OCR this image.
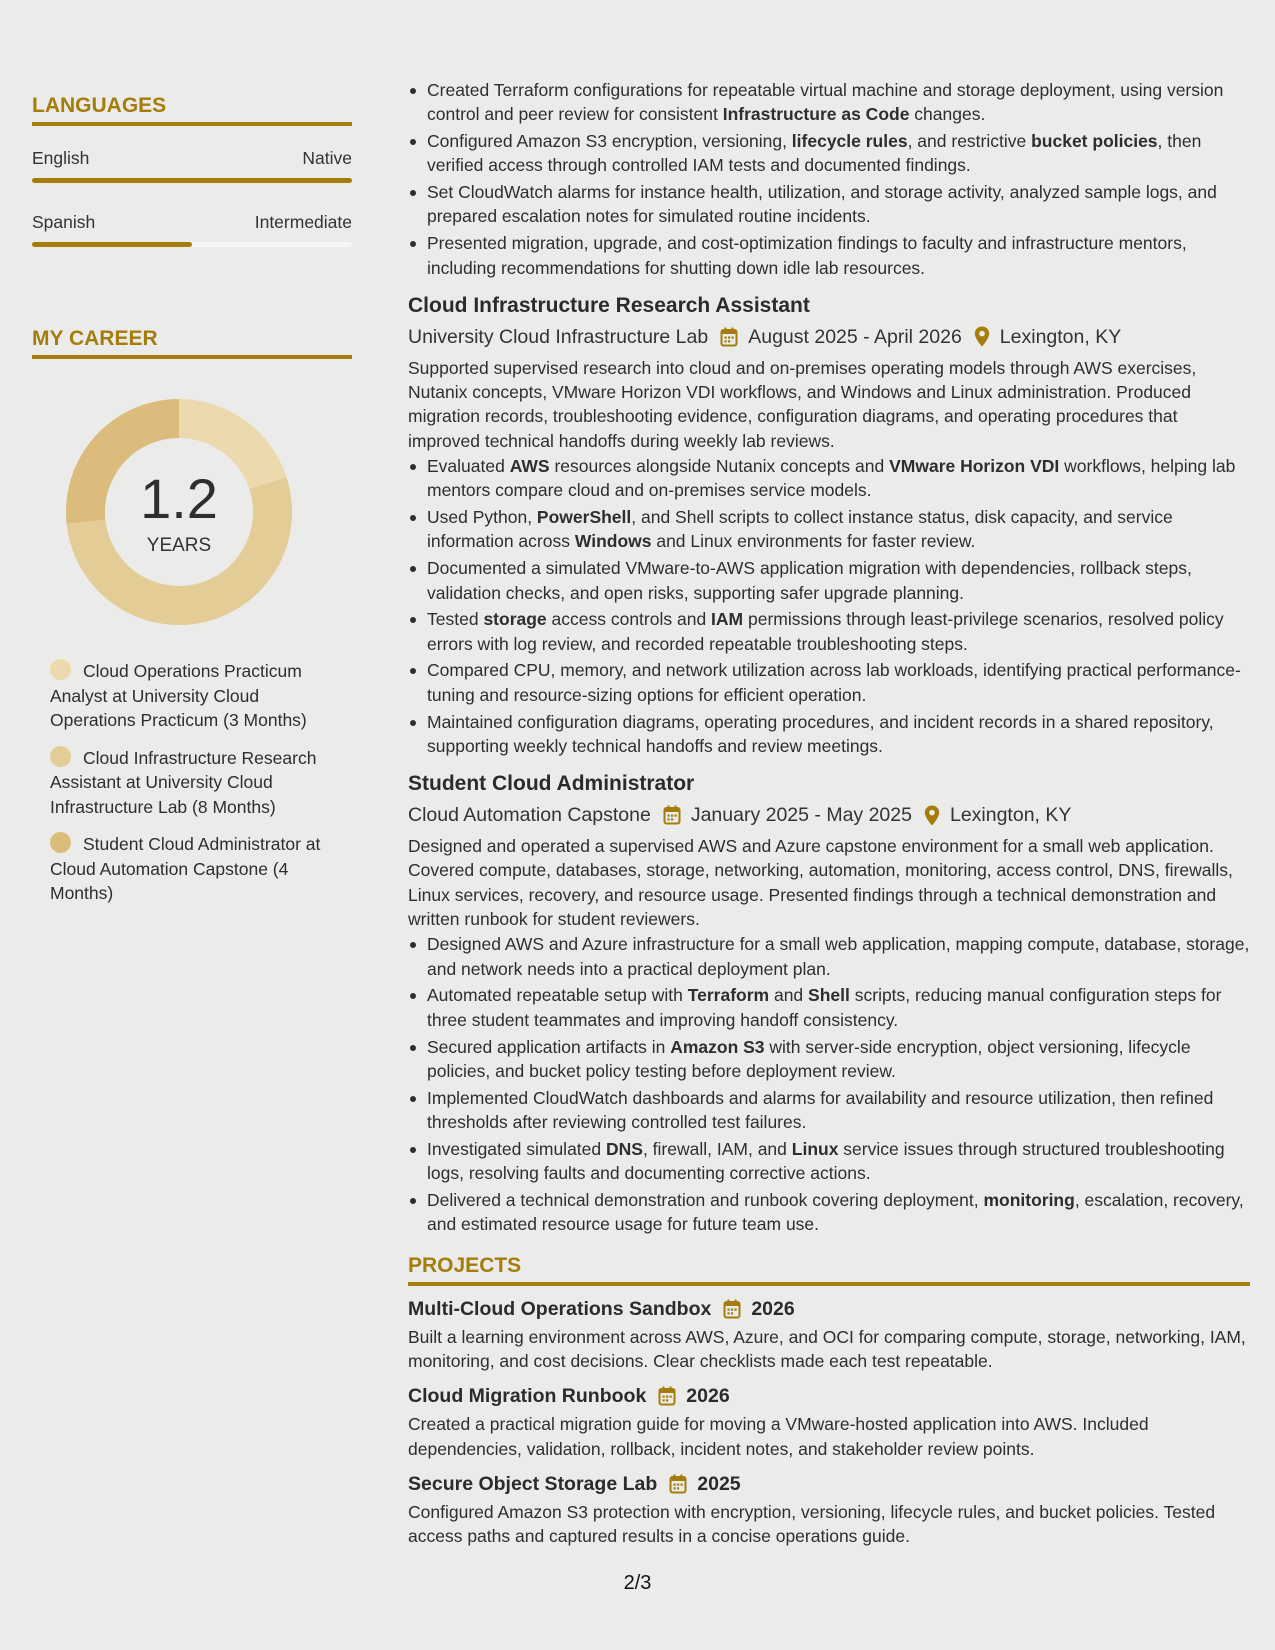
LANGUAGES
English	Native
Spanish	Intermediate
MY CAREER
1.2
YEARS
Cloud Operations Practicum Analyst at University Cloud Operations Practicum (3 Months)
Cloud Infrastructure Research Assistant at University Cloud Infrastructure Lab (8 Months)
Student Cloud Administrator at Cloud Automation Capstone (4 Months)
Created Terraform configurations for repeatable virtual machine and storage deployment, using version control and peer review for consistent Infrastructure as Code changes.
Configured Amazon S3 encryption, versioning, lifecycle rules, and restrictive bucket policies, then verified access through controlled IAM tests and documented findings.
Set CloudWatch alarms for instance health, utilization, and storage activity, analyzed sample logs, and prepared escalation notes for simulated routine incidents.
Presented migration, upgrade, and cost-optimization findings to faculty and infrastructure mentors, including recommendations for shutting down idle lab resources.
Cloud Infrastructure Research Assistant
University Cloud Infrastructure Lab August 2025 - April 2026 Lexington, KY
Supported supervised research into cloud and on-premises operating models through AWS exercises, Nutanix concepts, VMware Horizon VDI workflows, and Windows and Linux administration. Produced migration records, troubleshooting evidence, configuration diagrams, and operating procedures that improved technical handoffs during weekly lab reviews.
Evaluated AWS resources alongside Nutanix concepts and VMware Horizon VDI workflows, helping lab mentors compare cloud and on-premises service models.
Used Python, PowerShell, and Shell scripts to collect instance status, disk capacity, and service information across Windows and Linux environments for faster review.
Documented a simulated VMware-to-AWS application migration with dependencies, rollback steps, validation checks, and open risks, supporting safer upgrade planning.
Tested storage access controls and IAM permissions through least-privilege scenarios, resolved policy errors with log review, and recorded repeatable troubleshooting steps.
Compared CPU, memory, and network utilization across lab workloads, identifying practical performance-tuning and resource-sizing options for efficient operation.
Maintained configuration diagrams, operating procedures, and incident records in a shared repository, supporting weekly technical handoffs and review meetings.
Student Cloud Administrator
Cloud Automation Capstone January 2025 - May 2025 Lexington, KY
Designed and operated a supervised AWS and Azure capstone environment for a small web application. Covered compute, databases, storage, networking, automation, monitoring, access control, DNS, firewalls, Linux services, recovery, and resource usage. Presented findings through a technical demonstration and written runbook for student reviewers.
Designed AWS and Azure infrastructure for a small web application, mapping compute, database, storage, and network needs into a practical deployment plan.
Automated repeatable setup with Terraform and Shell scripts, reducing manual configuration steps for three student teammates and improving handoff consistency.
Secured application artifacts in Amazon S3 with server-side encryption, object versioning, lifecycle policies, and bucket policy testing before deployment review.
Implemented CloudWatch dashboards and alarms for availability and resource utilization, then refined thresholds after reviewing controlled test failures.
Investigated simulated DNS, firewall, IAM, and Linux service issues through structured troubleshooting logs, resolving faults and documenting corrective actions.
Delivered a technical demonstration and runbook covering deployment, monitoring, escalation, recovery, and estimated resource usage for future team use.
PROJECTS
Multi-Cloud Operations Sandbox 2026
Built a learning environment across AWS, Azure, and OCI for comparing compute, storage, networking, IAM, monitoring, and cost decisions. Clear checklists made each test repeatable.
Cloud Migration Runbook 2026
Created a practical migration guide for moving a VMware-hosted application into AWS. Included dependencies, validation, rollback, incident notes, and stakeholder review points.
Secure Object Storage Lab 2025
Configured Amazon S3 protection with encryption, versioning, lifecycle rules, and bucket policies. Tested access paths and captured results in a concise operations guide.
2/3
